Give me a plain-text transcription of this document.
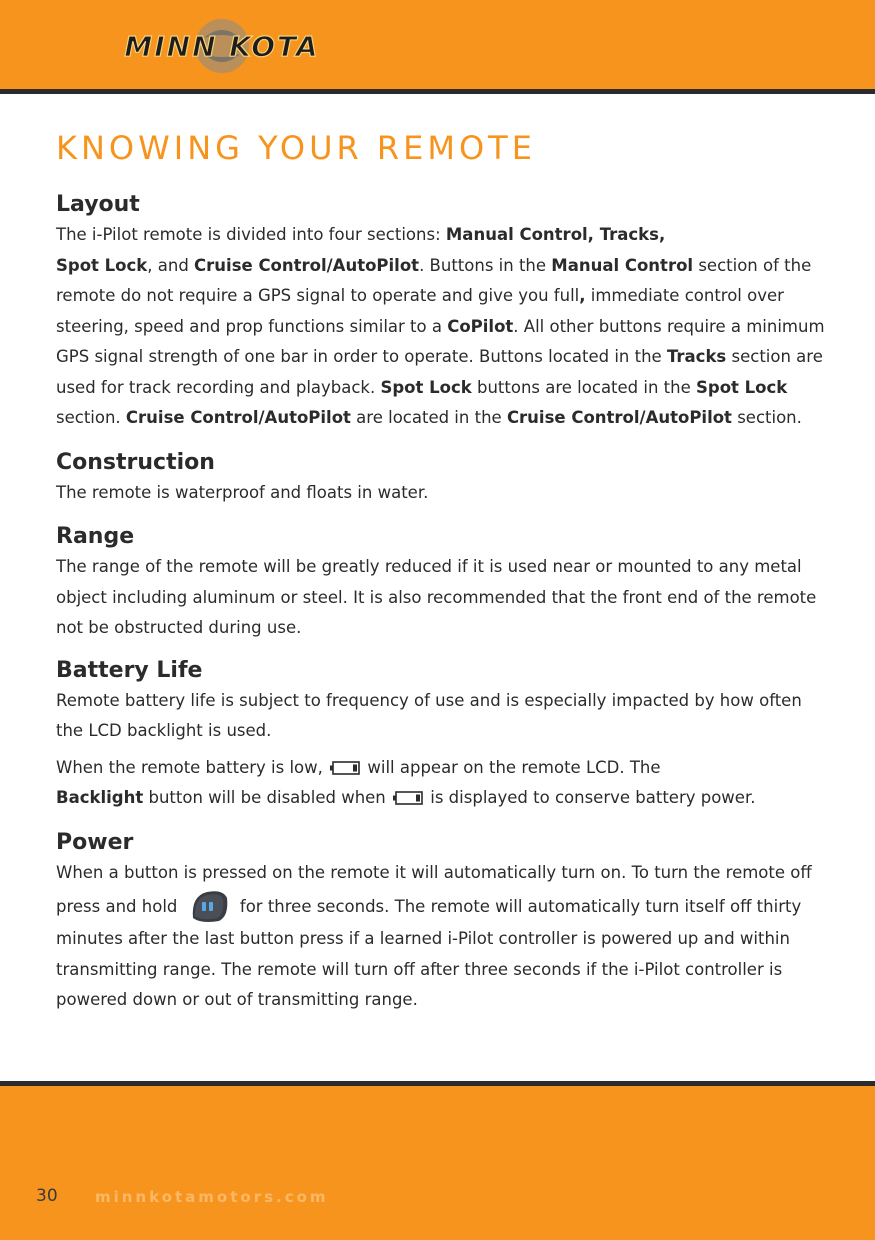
MINN KOTA
KNOWING YOUR REMOTE
Layout

The i-Pilot remote is divided into four sections: Manual Control, Tracks,
Spot Lock, and Cruise Control/AutoPilot. Buttons in the Manual Control section of the remote do not require a GPS signal to operate and give you full, immediate control over steering, speed and prop functions similar to a CoPilot. All other buttons require a minimum GPS signal strength of one bar in order to operate. Buttons located in the Tracks section are used for track recording and playback. Spot Lock buttons are located in the Spot Lock section. Cruise Control/AutoPilot are located in the Cruise Control/AutoPilot section.

Construction

The remote is waterproof and floats in water.

Range

The range of the remote will be greatly reduced if it is used near or mounted to any metal object including aluminum or steel. It is also recommended that the front end of the remote not be obstructed during use.

Battery Life

Remote battery life is subject to frequency of use and is especially impacted by how often the LCD backlight is used.

When the remote battery is low,  will appear on the remote LCD. The
Backlight button will be disabled when  is displayed to conserve battery power.

Power

When a button is pressed on the remote it will automatically turn on. To turn the remote off press and hold	for three seconds. The remote will automatically turn itself off thirty minutes after the last button press if a learned i-Pilot controller is powered up and within transmitting range. The remote will turn off after three seconds if the i-Pilot controller is powered down or out of transmitting range.

30 minnkotamotors.com
